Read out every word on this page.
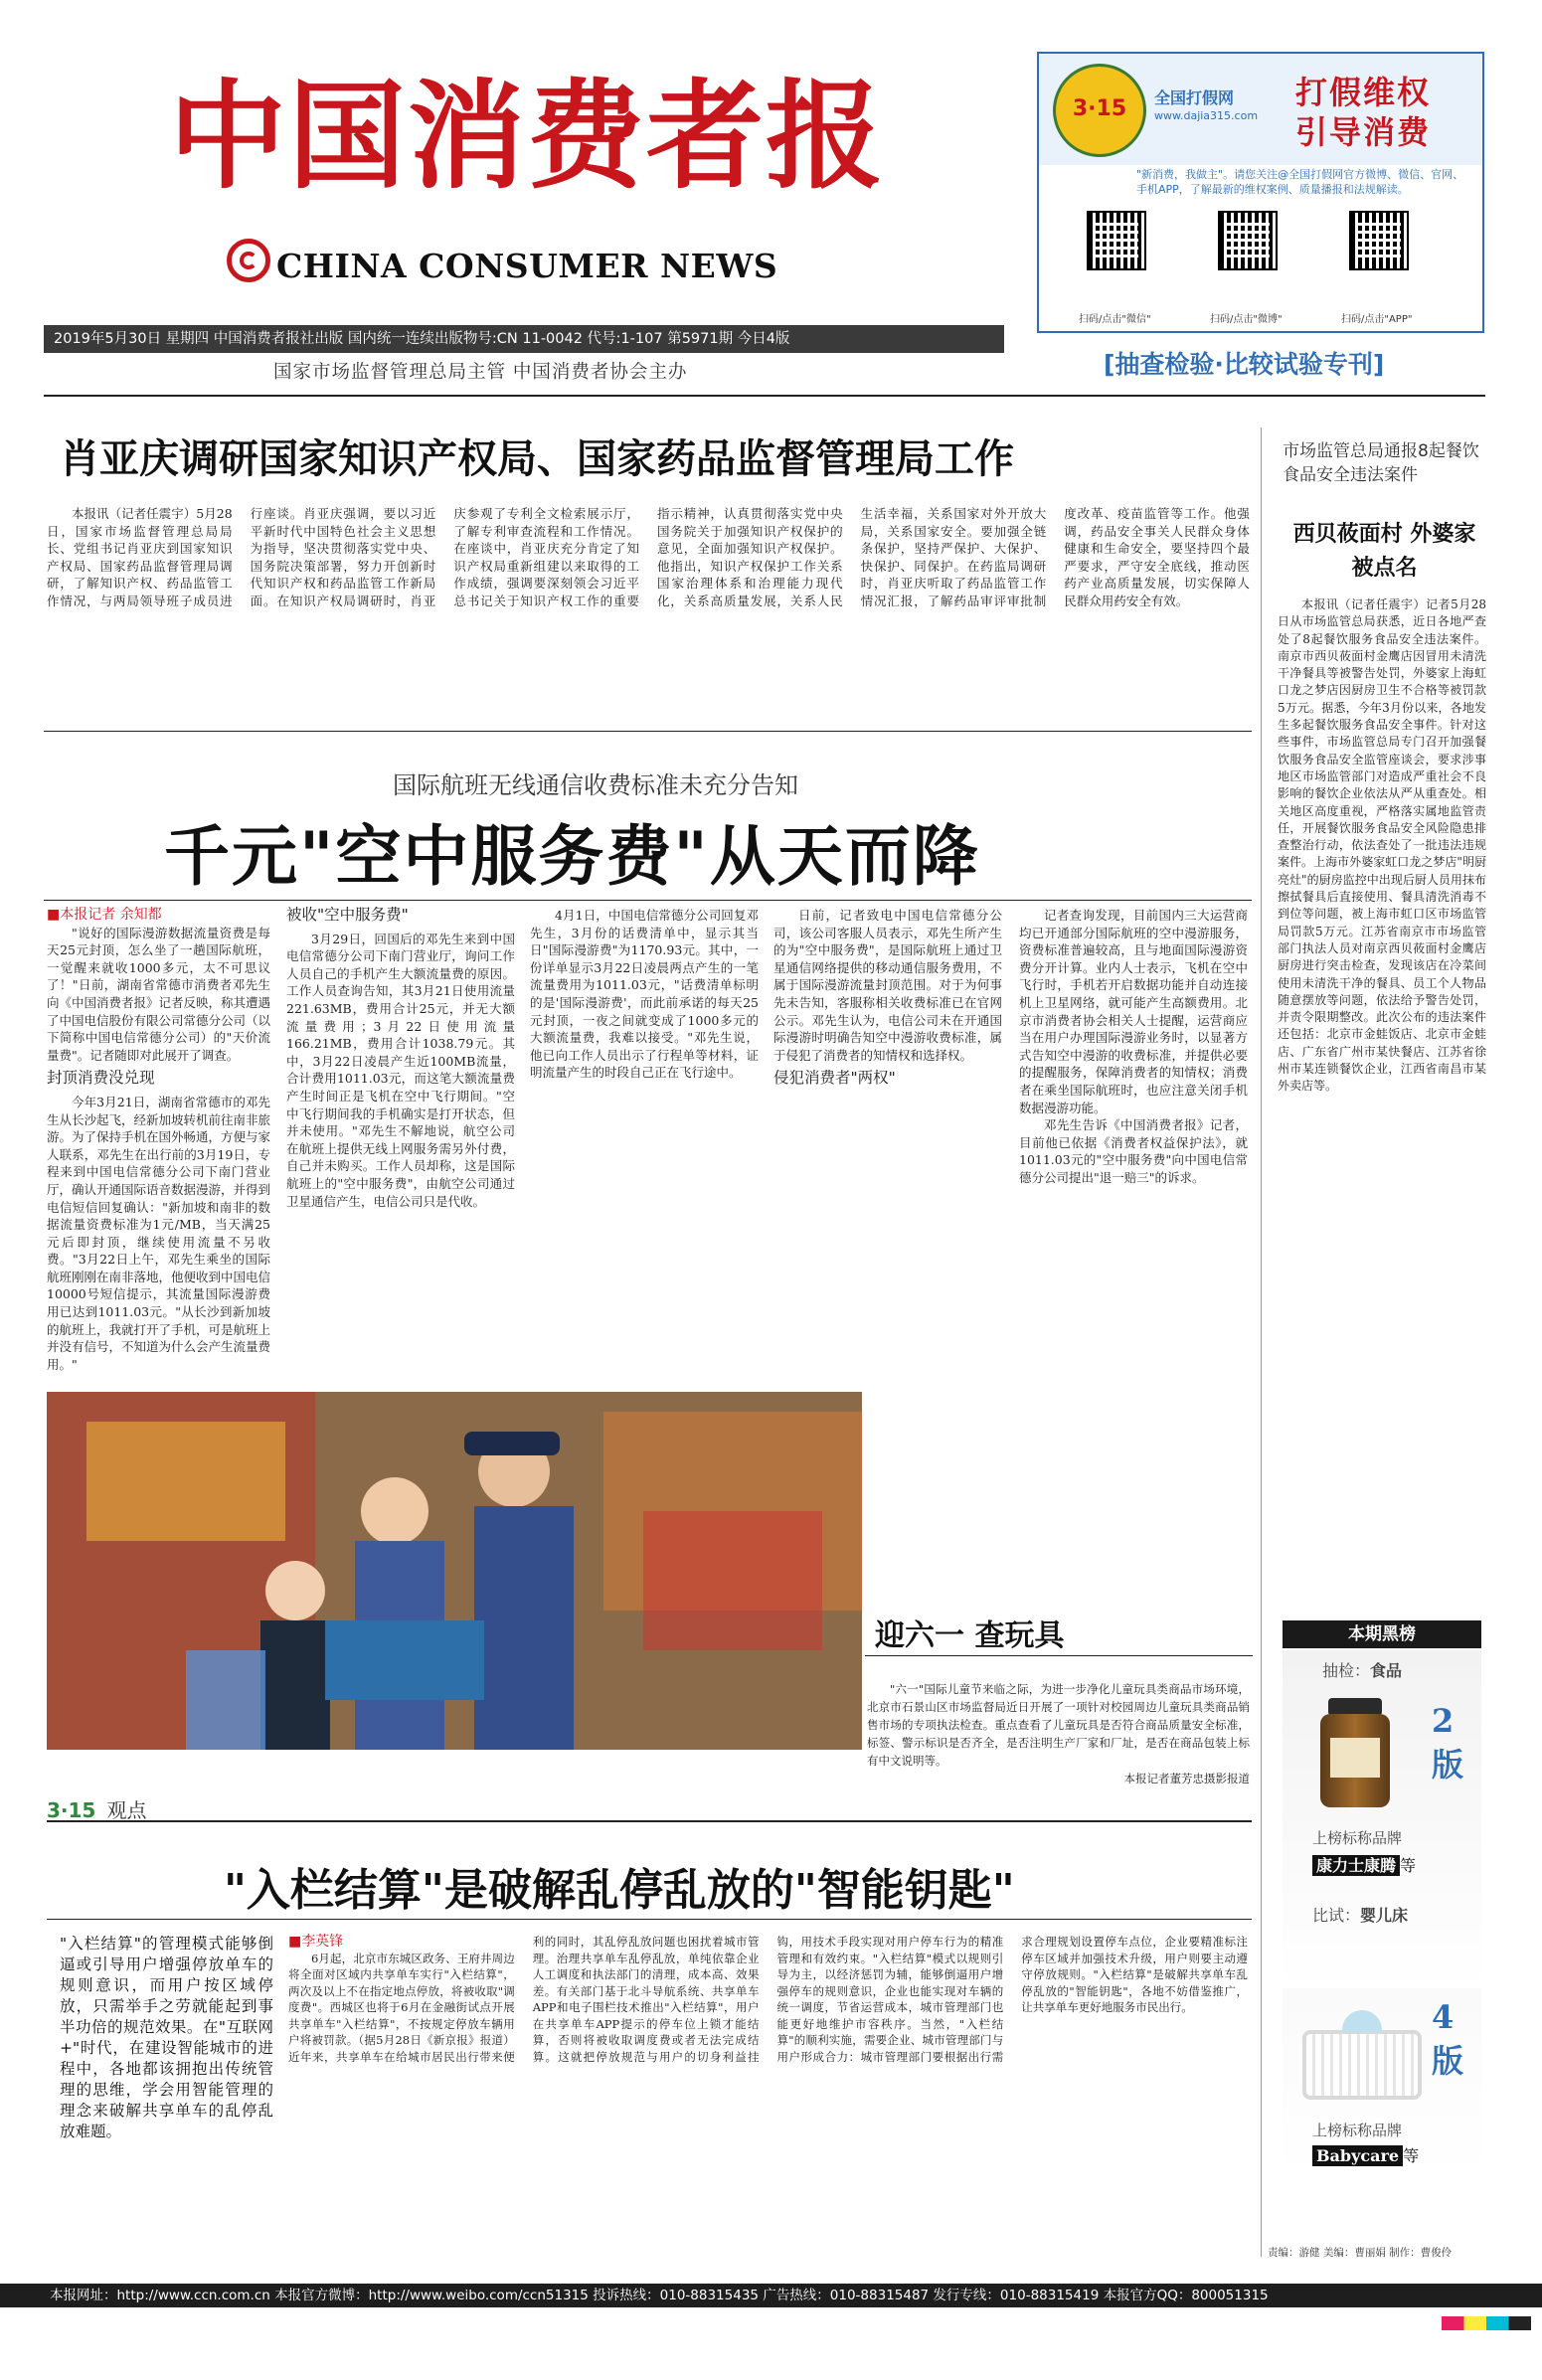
中国消费者报
CHINA CONSUMER NEWS
2019年5月30日 星期四 中国消费者报社出版 国内统一连续出版物号:CN 11-0042 代号:1-107 第5971期 今日4版
国家市场监督管理总局主管 中国消费者协会主办
3·15	全国打假网
www.dajia315.com
打假维权
引导消费
"新消费，我做主"。请您关注@全国打假网官方微博、微信、官网、手机APP，了解最新的维权案例、质量播报和法规解读。
扫码/点击"微信"	扫码/点击"微博"	扫码/点击"APP"
[抽查检验·比较试验专刊]
肖亚庆调研国家知识产权局、国家药品监督管理局工作

本报讯（记者任震宇）5月28日，国家市场监督管理总局局长、党组书记肖亚庆到国家知识产权局、国家药品监督管理局调研，了解知识产权、药品监管工作情况，与两局领导班子成员进行座谈。肖亚庆强调，要以习近平新时代中国特色社会主义思想为指导，坚决贯彻落实党中央、国务院决策部署，努力开创新时代知识产权和药品监管工作新局面。在知识产权局调研时，肖亚庆参观了专利全文检索展示厅，了解专利审查流程和工作情况。在座谈中，肖亚庆充分肯定了知识产权局重新组建以来取得的工作成绩，强调要深刻领会习近平总书记关于知识产权工作的重要指示精神，认真贯彻落实党中央国务院关于加强知识产权保护的意见，全面加强知识产权保护。他指出，知识产权保护工作关系国家治理体系和治理能力现代化，关系高质量发展，关系人民生活幸福，关系国家对外开放大局，关系国家安全。要加强全链条保护，坚持严保护、大保护、快保护、同保护。在药监局调研时，肖亚庆听取了药品监管工作情况汇报，了解药品审评审批制度改革、疫苗监管等工作。他强调，药品安全事关人民群众身体健康和生命安全，要坚持四个最严要求，严守安全底线，推动医药产业高质量发展，切实保障人民群众用药安全有效。

国际航班无线通信收费标准未充分告知
千元"空中服务费"从天而降
■本报记者 余知都

"说好的国际漫游数据流量资费是每天25元封顶，怎么坐了一趟国际航班，一觉醒来就收1000多元，太不可思议了！"日前，湖南省常德市消费者邓先生向《中国消费者报》记者反映，称其遭遇了中国电信股份有限公司常德分公司（以下简称中国电信常德分公司）的"天价流量费"。记者随即对此展开了调查。

封顶消费没兑现

今年3月21日，湖南省常德市的邓先生从长沙起飞，经新加坡转机前往南非旅游。为了保持手机在国外畅通，方便与家人联系，邓先生在出行前的3月19日，专程来到中国电信常德分公司下南门营业厅，确认开通国际语音数据漫游，并得到电信短信回复确认："新加坡和南非的数据流量资费标准为1元/MB，当天满25元后即封顶，继续使用流量不另收费。"3月22日上午，邓先生乘坐的国际航班刚刚在南非落地，他便收到中国电信10000号短信提示，其流量国际漫游费用已达到1011.03元。"从长沙到新加坡的航班上，我就打开了手机，可是航班上并没有信号，不知道为什么会产生流量费用。"

被收"空中服务费"

3月29日，回国后的邓先生来到中国电信常德分公司下南门营业厅，询问工作人员自己的手机产生大额流量费的原因。工作人员查询告知，其3月21日使用流量221.63MB，费用合计25元，并无大额流量费用；3月22日使用流量166.21MB，费用合计1038.79元。其中，3月22日凌晨产生近100MB流量，合计费用1011.03元，而这笔大额流量费产生时间正是飞机在空中飞行期间。"空中飞行期间我的手机确实是打开状态，但并未使用。"邓先生不解地说，航空公司在航班上提供无线上网服务需另外付费，自己并未购买。工作人员却称，这是国际航班上的"空中服务费"，由航空公司通过卫星通信产生，电信公司只是代收。

4月1日，中国电信常德分公司回复邓先生，3月份的话费清单中，显示其当日"国际漫游费"为1170.93元。其中，一份详单显示3月22日凌晨两点产生的一笔流量费用为1011.03元，"话费清单标明的是'国际漫游费'，而此前承诺的每天25元封顶，一夜之间就变成了1000多元的大额流量费，我难以接受。"邓先生说，他已向工作人员出示了行程单等材料，证明流量产生的时段自己正在飞行途中。

日前，记者致电中国电信常德分公司，该公司客服人员表示，邓先生所产生的为"空中服务费"，是国际航班上通过卫星通信网络提供的移动通信服务费用，不属于国际漫游流量封顶范围。对于为何事先未告知，客服称相关收费标准已在官网公示。邓先生认为，电信公司未在开通国际漫游时明确告知空中漫游收费标准，属于侵犯了消费者的知情权和选择权。

侵犯消费者"两权"

记者查询发现，目前国内三大运营商均已开通部分国际航班的空中漫游服务，资费标准普遍较高，且与地面国际漫游资费分开计算。业内人士表示，飞机在空中飞行时，手机若开启数据功能并自动连接机上卫星网络，就可能产生高额费用。北京市消费者协会相关人士提醒，运营商应当在用户办理国际漫游业务时，以显著方式告知空中漫游的收费标准，并提供必要的提醒服务，保障消费者的知情权；消费者在乘坐国际航班时，也应注意关闭手机数据漫游功能。

邓先生告诉《中国消费者报》记者，目前他已依据《消费者权益保护法》，就1011.03元的"空中服务费"向中国电信常德分公司提出"退一赔三"的诉求。

迎六一 查玩具

"六一"国际儿童节来临之际，为进一步净化儿童玩具类商品市场环境，北京市石景山区市场监督局近日开展了一项针对校园周边儿童玩具类商品销售市场的专项执法检查。重点查看了儿童玩具是否符合商品质量安全标准，标签、警示标识是否齐全，是否注明生产厂家和厂址，是否在商品包装上标有中文说明等。

本报记者董芳忠摄影报道
3·15 观点
"入栏结算"是破解乱停乱放的"智能钥匙"
"入栏结算"的管理模式能够倒逼或引导用户增强停放单车的规则意识，而用户按区域停放，只需举手之劳就能起到事半功倍的规范效果。在"互联网+"时代，在建设智能城市的进程中，各地都该拥抱出传统管理的思维，学会用智能管理的理念来破解共享单车的乱停乱放难题。
■李英锋

6月起，北京市东城区政务、王府井周边将全面对区域内共享单车实行"入栏结算"，两次及以上不在指定地点停放，将被收取"调度费"。西城区也将于6月在金融街试点开展共享单车"入栏结算"，不按规定停放车辆用户将被罚款。（据5月28日《新京报》报道）近年来，共享单车在给城市居民出行带来便利的同时，其乱停乱放问题也困扰着城市管理。治理共享单车乱停乱放，单纯依靠企业人工调度和执法部门的清理，成本高、效果差。有关部门基于北斗导航系统、共享单车APP和电子围栏技术推出"入栏结算"，用户在共享单车APP提示的停车位上锁才能结算，否则将被收取调度费或者无法完成结算。这就把停放规范与用户的切身利益挂钩，用技术手段实现对用户停车行为的精准管理和有效约束。"入栏结算"模式以规则引导为主，以经济惩罚为辅，能够倒逼用户增强停车的规则意识，企业也能实现对车辆的统一调度，节省运营成本，城市管理部门也能更好地维护市容秩序。当然，"入栏结算"的顺利实施，需要企业、城市管理部门与用户形成合力：城市管理部门要根据出行需求合理规划设置停车点位，企业要精准标注停车区域并加强技术升级，用户则要主动遵守停放规则。"入栏结算"是破解共享单车乱停乱放的"智能钥匙"，各地不妨借鉴推广，让共享单车更好地服务市民出行。

市场监管总局通报8起餐饮食品安全违法案件
西贝莜面村 外婆家被点名

本报讯（记者任震宇）记者5月28日从市场监管总局获悉，近日各地严查处了8起餐饮服务食品安全违法案件。南京市西贝莜面村金鹰店因冒用未清洗干净餐具等被警告处罚，外婆家上海虹口龙之梦店因厨房卫生不合格等被罚款5万元。据悉，今年3月份以来，各地发生多起餐饮服务食品安全事件。针对这些事件，市场监管总局专门召开加强餐饮服务食品安全监管座谈会，要求涉事地区市场监管部门对造成严重社会不良影响的餐饮企业依法从严从重查处。相关地区高度重视，严格落实属地监管责任，开展餐饮服务食品安全风险隐患排查整治行动，依法查处了一批违法违规案件。上海市外婆家虹口龙之梦店"明厨亮灶"的厨房监控中出现后厨人员用抹布擦拭餐具后直接使用、餐具清洗消毒不到位等问题，被上海市虹口区市场监管局罚款5万元。江苏省南京市市场监管部门执法人员对南京西贝莜面村金鹰店厨房进行突击检查，发现该店在冷菜间使用未清洗干净的餐具、员工个人物品随意摆放等问题，依法给予警告处罚，并责令限期整改。此次公布的违法案件还包括：北京市金蛙饭店、北京市金蛙店、广东省广州市某快餐店、江苏省徐州市某连锁餐饮企业，江西省南昌市某外卖店等。

本期黑榜
抽检：食品
2版
上榜标称品牌
康力士康腾 等
比试：婴儿床
4版
上榜标称品牌
Babycare 等
责编：游健 美编：曹丽娟 制作：曹俊伶
本报网址：http://www.ccn.com.cn 本报官方微博：http://www.weibo.com/ccn51315 投诉热线：010-88315435 广告热线：010-88315487 发行专线：010-88315419 本报官方QQ：800051315
